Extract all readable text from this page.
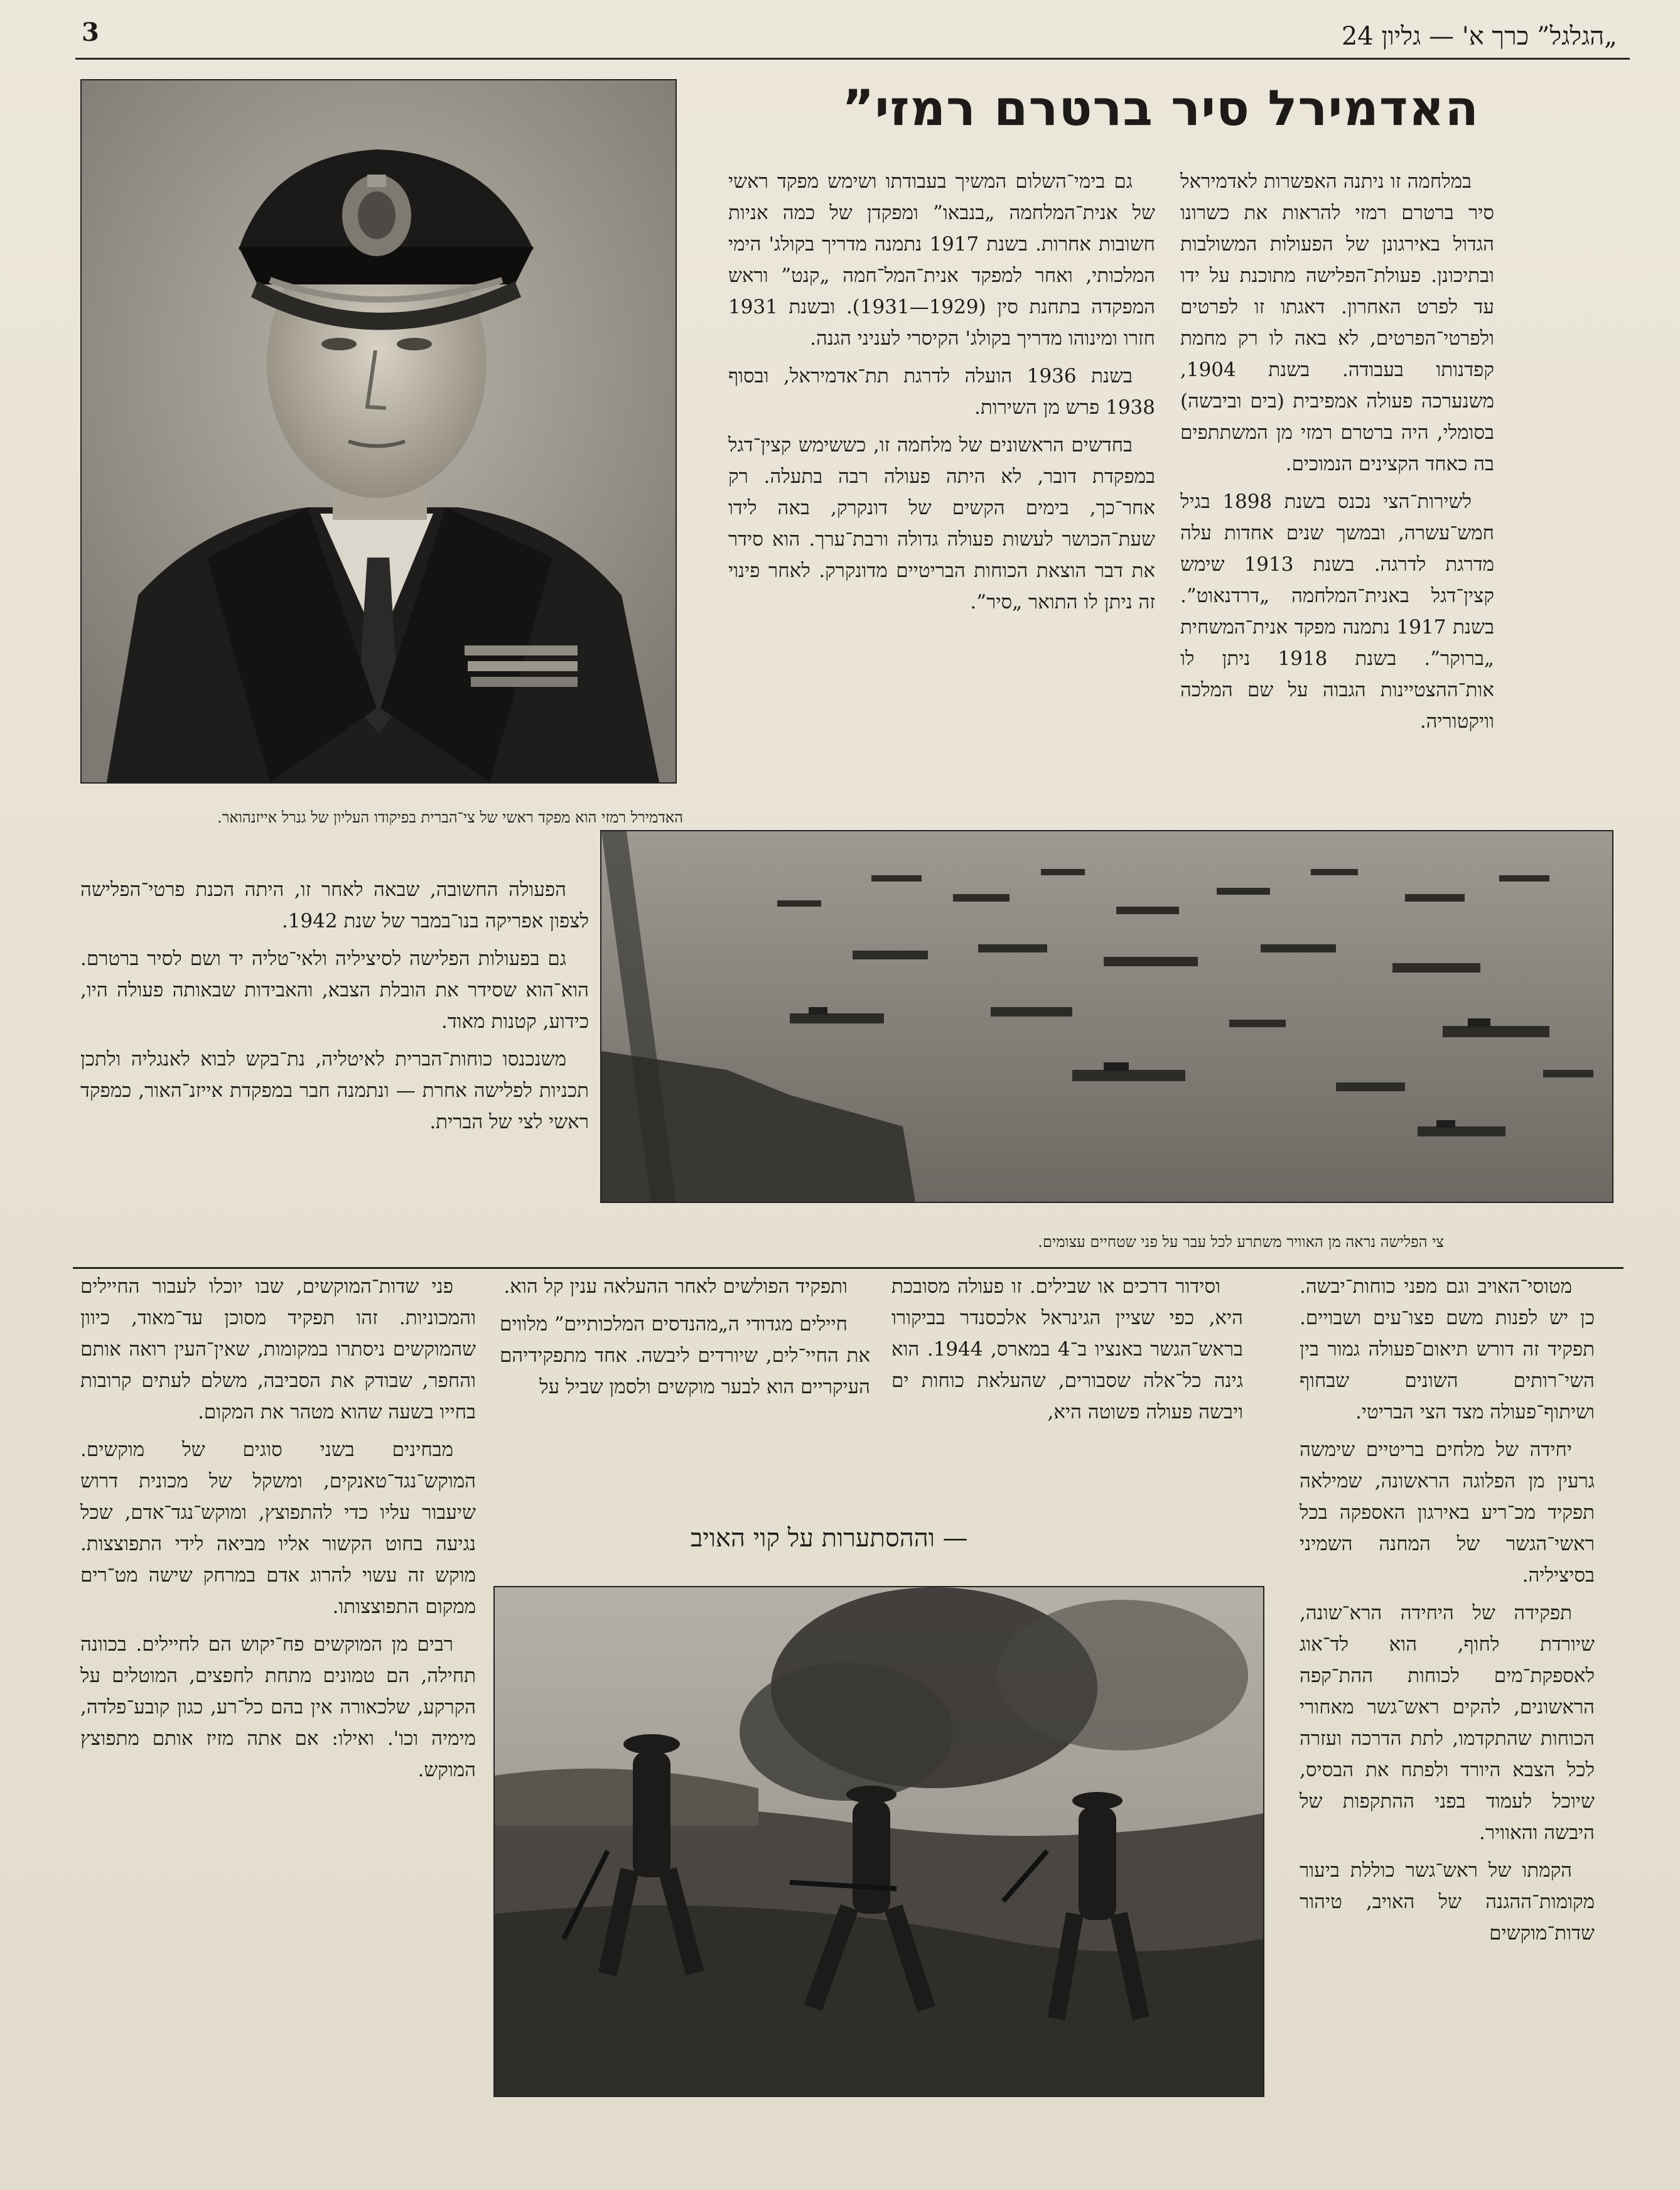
3	„הגלגל” כרך א' — גליון 24
האדמירל סיר ברטרם רמזי”
האדמירל רמזי הוא מפקד ראשי של צי־הברית בפיקודו העליון של גנרל אייזנהואר.

במלחמה זו ניתנה האפשרות לאדמיראל סיר ברטרם רמזי להראות את כשרונו הגדול באירגונן של הפעולות המשולבות ובתיכונן. פעולת־הפלישה מתוכנת על ידו עד לפרט האחרון. דאגתו זו לפרטים ולפרטי־הפרטים, לא באה לו רק מחמת קפדנותו בעבודה. בשנת 1904, משנערכה פעולה אמפיבית (בים וביבשה) בסומלי, היה ברטרם רמזי מן המשתתפים בה כאחד הקצינים הנמוכים.

לשירות־הצי נכנס בשנת 1898 בגיל חמש־עשרה, ובמשך שנים אחדות עלה מדרגת לדרגה. בשנת 1913 שימש קצין־דגל באנית־המלחמה „דרדנאוט”. בשנת 1917 נתמנה מפקד אנית־המשחית „ברוקר”. בשנת 1918 ניתן לו אות־ההצטיינות הגבוה על שם המלכה וויקטוריה.

גם בימי־השלום המשיך בעבודתו ושימש מפקד ראשי של אנית־המלחמה „בנבאו” ומפקדן של כמה אניות חשובות אחרות. בשנת 1917 נתמנה מדריך בקולג' הימי המלכותי, ואחר למפקד אנית־המל־חמה „קנט” וראש המפקדה בתחנת סין (1929—1931). ובשנת 1931 חזרו ומינוהו מדריך בקולג' הקיסרי לעניני הגנה.

בשנת 1936 הועלה לדרגת תת־אדמיראל, ובסוף 1938 פרש מן השירות.

בחדשים הראשונים של מלחמה זו, כששימש קצין־דגל במפקדת דובר, לא היתה פעולה רבה בתעלה. רק אחר־כך, בימים הקשים של דונקרק, באה לידו שעת־הכושר לעשות פעולה גדולה ורבת־ערך. הוא סידר את דבר הוצאת הכוחות הבריטיים מדונקרק. לאחר פינוי זה ניתן לו התואר „סיר”.

הפעולה החשובה, שבאה לאחר זו, היתה הכנת פרטי־הפלישה לצפון אפריקה בנו־במבר של שנת 1942.

גם בפעולות הפלישה לסיציליה ולאי־טליה יד ושם לסיר ברטרם. הוא־הוא שסידר את הובלת הצבא, והאבידות שבאותה פעולה היו, כידוע, קטנות מאוד.

משנכנסו כוחות־הברית לאיטליה, נת־בקש לבוא לאנגליה ולתכן תכניות לפלישה אחרת — ונתמנה חבר במפקדת אייזנ־האור, כמפקד ראשי לצי של הברית.

צי הפלישה נראה מן האוויר משתרע לכל עבר על פני שטחיים עצומים.
— וההסתערות על קוי האויב

מטוסי־האויב וגם מפני כוחות־יבשה. כן יש לפנות משם פצו־עים ושבויים. תפקיד זה דורש תיאום־פעולה גמור בין השי־רותים השונים שבחוף ושיתוף־פעולה מצד הצי הבריטי.

יחידה של מלחים בריטיים שימשה גרעין מן הפלוגה הראשונה, שמילאה תפקיד מכ־ריע באירגון האספקה בכל ראשי־הגשר של המחנה השמיני בסיציליה.

תפקידה של היחידה הרא־שונה, שיורדת לחוף, הוא לד־אוג לאספקת־מים לכוחות ההת־קפה הראשונים, להקים ראש־גשר מאחורי הכוחות שהתקדמו, לתת הדרכה ועזרה לכל הצבא היורד ולפתח את הבסיס, שיוכל לעמוד בפני ההתקפות של היבשה והאוויר.

הקמתו של ראש־גשר כוללת ביעור מקומות־ההגנה של האויב, טיהור שדות־מוקשים

וסידור דרכים או שבילים. זו פעולה מסובכת היא, כפי שציין הגינראל אלכסנדר בביקורו בראש־הגשר באנציו ב־4 במארס, 1944. הוא גינה כל־אלה שסבורים, שהעלאת כוחות ים ויבשה פעולה פשוטה היא,

ותפקיד הפולשים לאחר ההעלאה ענין קל הוא.

חיילים מגדודי ה„מהנדסים המלכותיים” מלווים את החיי־לים, שיורדים ליבשה. אחד מתפקידיהם העיקריים הוא לבער מוקשים ולסמן שביל על

פני שדות־המוקשים, שבו יוכלו לעבור החיילים והמכוניות. זהו תפקיד מסוכן עד־מאוד, כיוון שהמוקשים ניסתרו במקומות, שאין־העין רואה אותם והחפר, שבודק את הסביבה, משלם לעתים קרובות בחייו בשעה שהוא מטהר את המקום.

מבחינים בשני סוגים של מוקשים. המוקש־נגד־טאנקים, ומשקל של מכונית דרוש שיעבור עליו כדי להתפוצץ, ומוקש־נגד־אדם, שכל נגיעה בחוט הקשור אליו מביאה לידי התפוצצות. מוקש זה עשוי להרוג אדם במרחק שישה מט־רים ממקום התפוצצותו.

רבים מן המוקשים פח־יקוש הם לחיילים. בכוונה תחילה, הם טמונים מתחת לחפצים, המוטלים על הקרקע, שלכאורה אין בהם כל־רע, כגון קובע־פלדה, מימיה וכו'. ואילו: אם אתה מזיז אותם מתפוצץ המוקש.
